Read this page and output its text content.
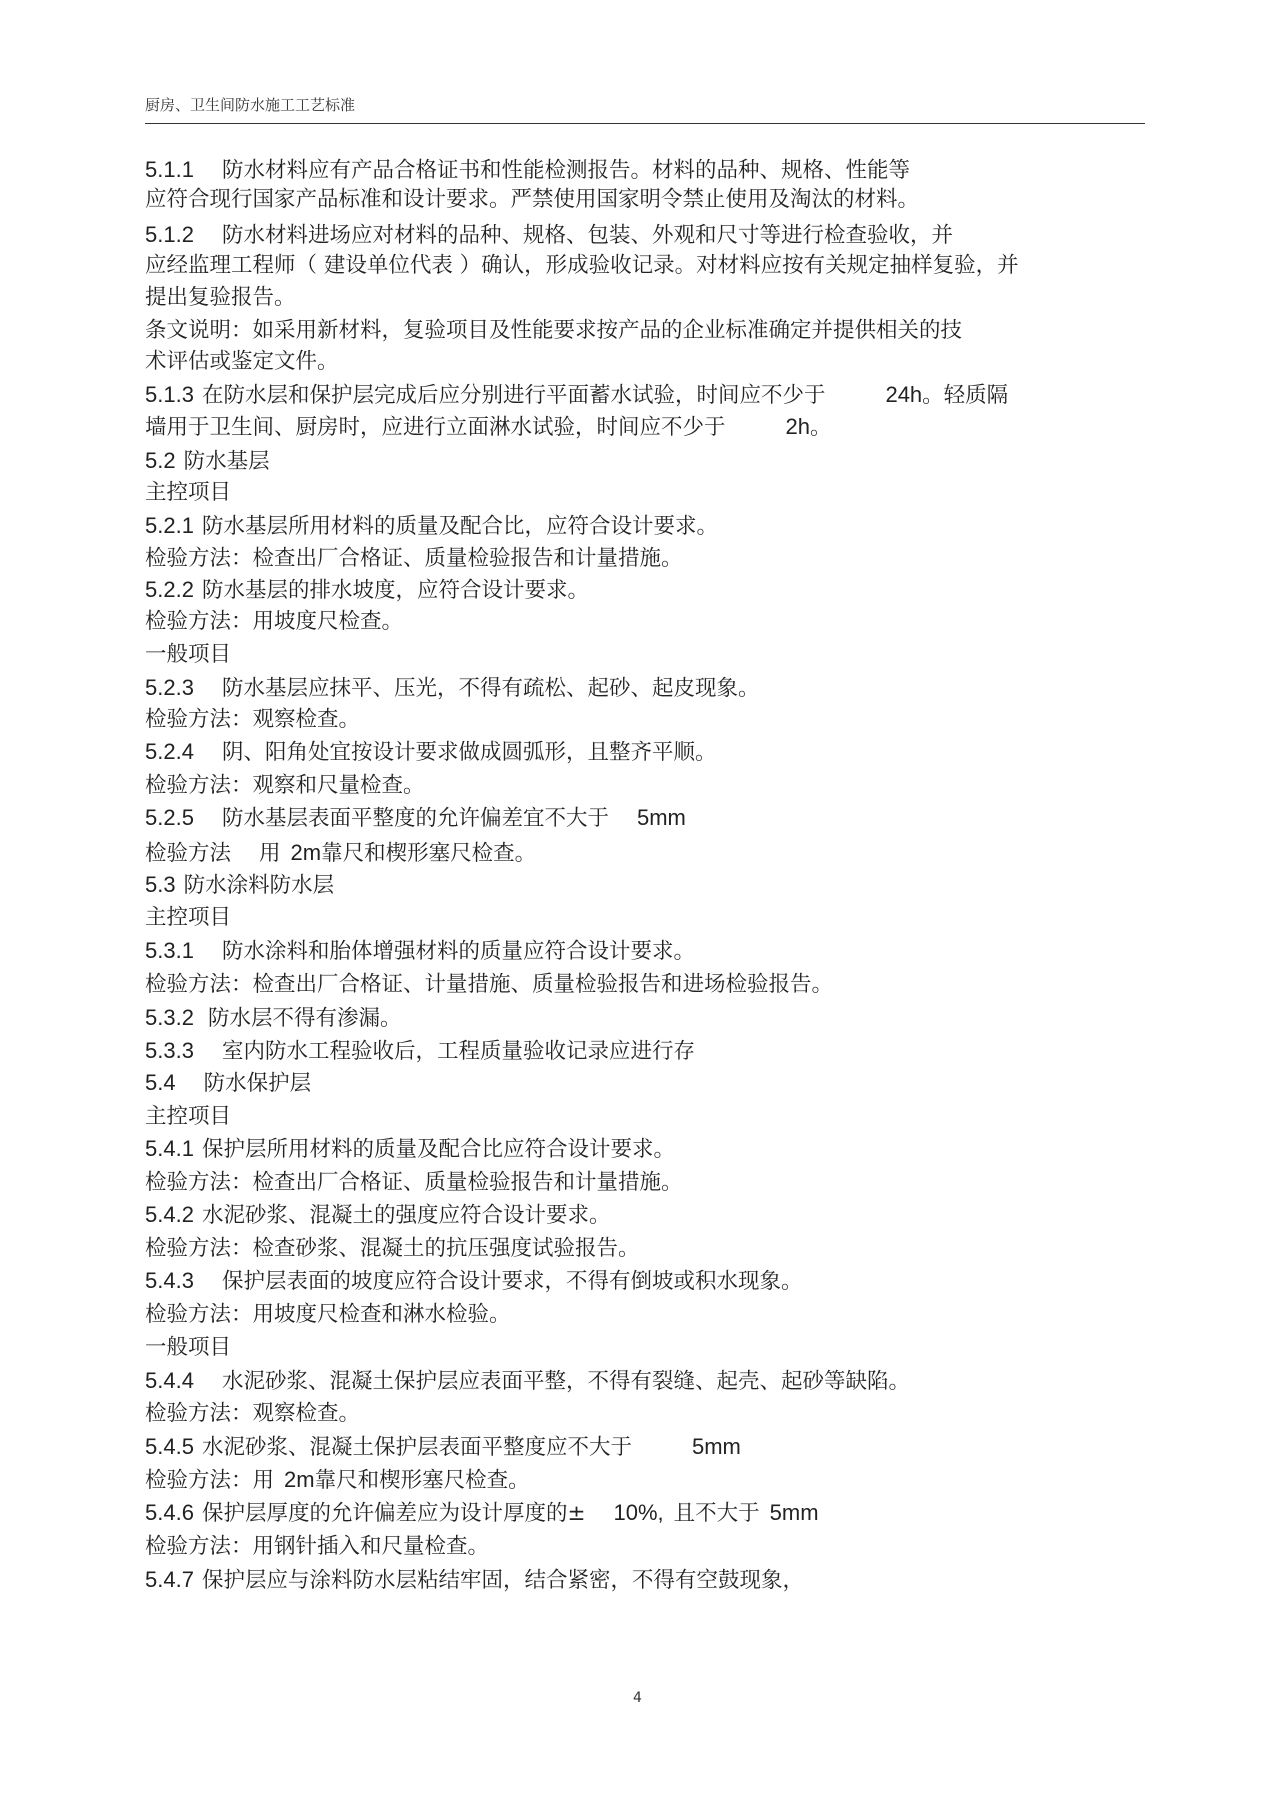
厨房、卫生间防水施工工艺标准
5.1.1 防水材料应有产品合格证书和性能检测报告。材料的品种、规格、性能等
应符合现行国家产品标准和设计要求。严禁使用国家明令禁止使用及淘汰的材料。
5.1.2 防水材料进场应对材料的品种、规格、包装、外观和尺寸等进行检查验收，并
应经监理工程师（ 建设单位代表 ）确认，形成验收记录。对材料应按有关规定抽样复验，并
提出复验报告。
条文说明：如采用新材料，复验项目及性能要求按产品的企业标准确定并提供相关的技
术评估或鉴定文件。
5.1.3 在防水层和保护层完成后应分别进行平面蓄水试验，时间应不少于	24h。轻质隔
墙用于卫生间、厨房时，应进行立面淋水试验，时间应不少于	2h。
5.2 防水基层
主控项目
5.2.1 防水基层所用材料的质量及配合比，应符合设计要求。
检验方法：检查出厂合格证、质量检验报告和计量措施。
5.2.2 防水基层的排水坡度，应符合设计要求。
检验方法：用坡度尺检查。
一般项目
5.2.3 防水基层应抹平、压光，不得有疏松、起砂、起皮现象。
检验方法：观察检查。
5.2.4 阴、阳角处宜按设计要求做成圆弧形，且整齐平顺。
检验方法：观察和尺量检查。
5.2.5 防水基层表面平整度的允许偏差宜不大于 5mm
检验方法 用 2m靠尺和楔形塞尺检查。
5.3 防水涂料防水层
主控项目
5.3.1 防水涂料和胎体增强材料的质量应符合设计要求。
检验方法：检查出厂合格证、计量措施、质量检验报告和进场检验报告。
5.3.2 防水层不得有渗漏。
5.3.3 室内防水工程验收后，工程质量验收记录应进行存
5.4 防水保护层
主控项目
5.4.1 保护层所用材料的质量及配合比应符合设计要求。
检验方法：检查出厂合格证、质量检验报告和计量措施。
5.4.2 水泥砂浆、混凝土的强度应符合设计要求。
检验方法：检查砂浆、混凝土的抗压强度试验报告。
5.4.3 保护层表面的坡度应符合设计要求，不得有倒坡或积水现象。
检验方法：用坡度尺检查和淋水检验。
一般项目
5.4.4 水泥砂浆、混凝土保护层应表面平整，不得有裂缝、起壳、起砂等缺陷。
检验方法：观察检查。
5.4.5 水泥砂浆、混凝土保护层表面平整度应不大于	5mm
检验方法：用 2m靠尺和楔形塞尺检查。
5.4.6 保护层厚度的允许偏差应为设计厚度的± 10%, 且不大于 5mm
检验方法：用钢针插入和尺量检查。
5.4.7 保护层应与涂料防水层粘结牢固，结合紧密，不得有空鼓现象，
4
